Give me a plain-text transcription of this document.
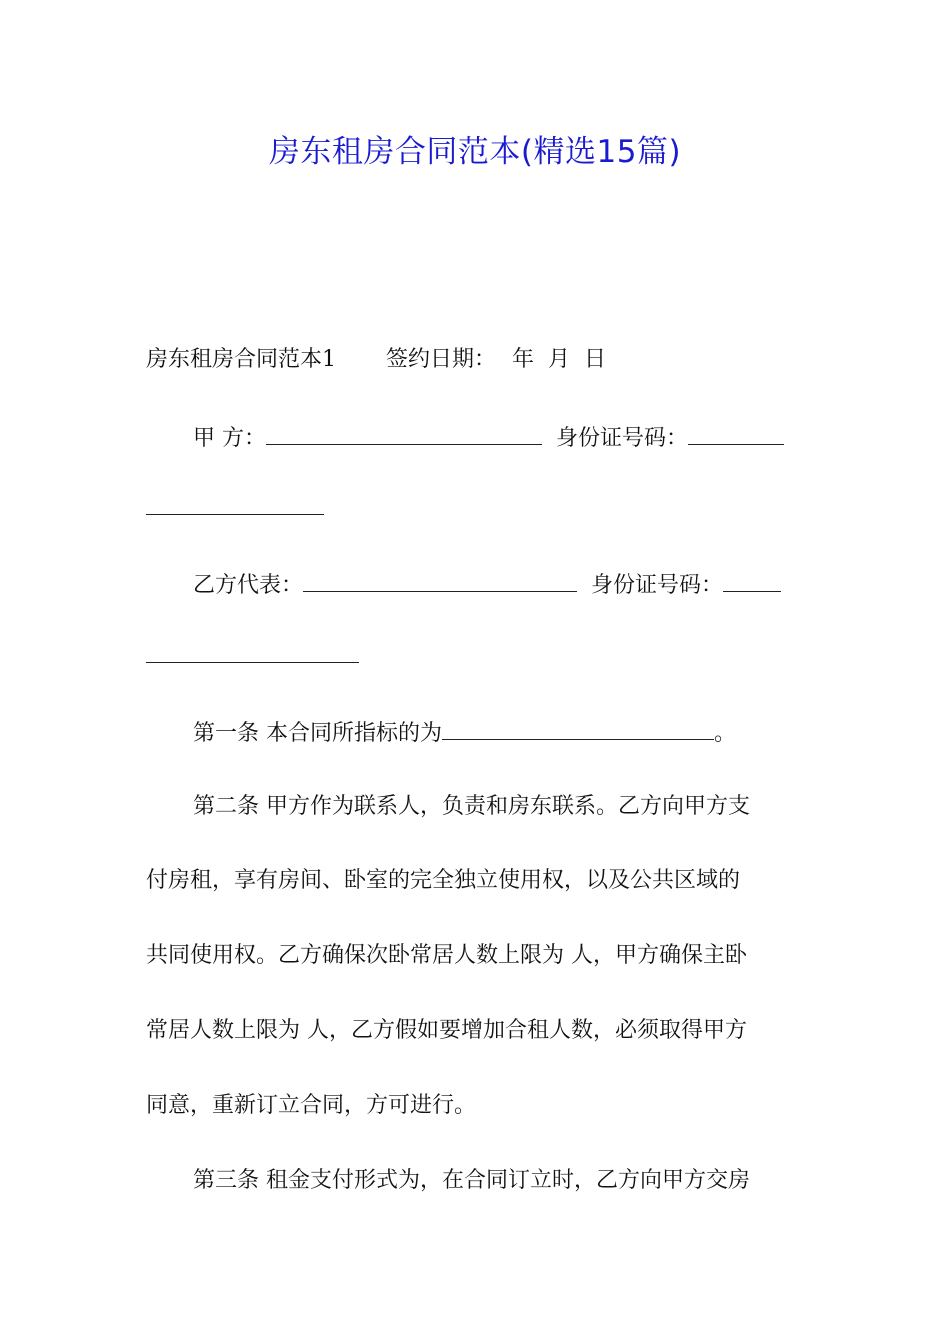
房东租房合同范本(精选15篇)
房东租房合同范本1 签约日期： 年 月 日
甲 方：	身份证号码：
乙方代表：	身份证号码：
第一条 本合同所指标的为	。
第二条 甲方作为联系人，负责和房东联系。乙方向甲方支
付房租，享有房间、卧室的完全独立使用权，以及公共区域的
共同使用权。乙方确保次卧常居人数上限为 人，甲方确保主卧
常居人数上限为 人，乙方假如要增加合租人数，必须取得甲方
同意，重新订立合同，方可进行。
第三条 租金支付形式为，在合同订立时，乙方向甲方交房
